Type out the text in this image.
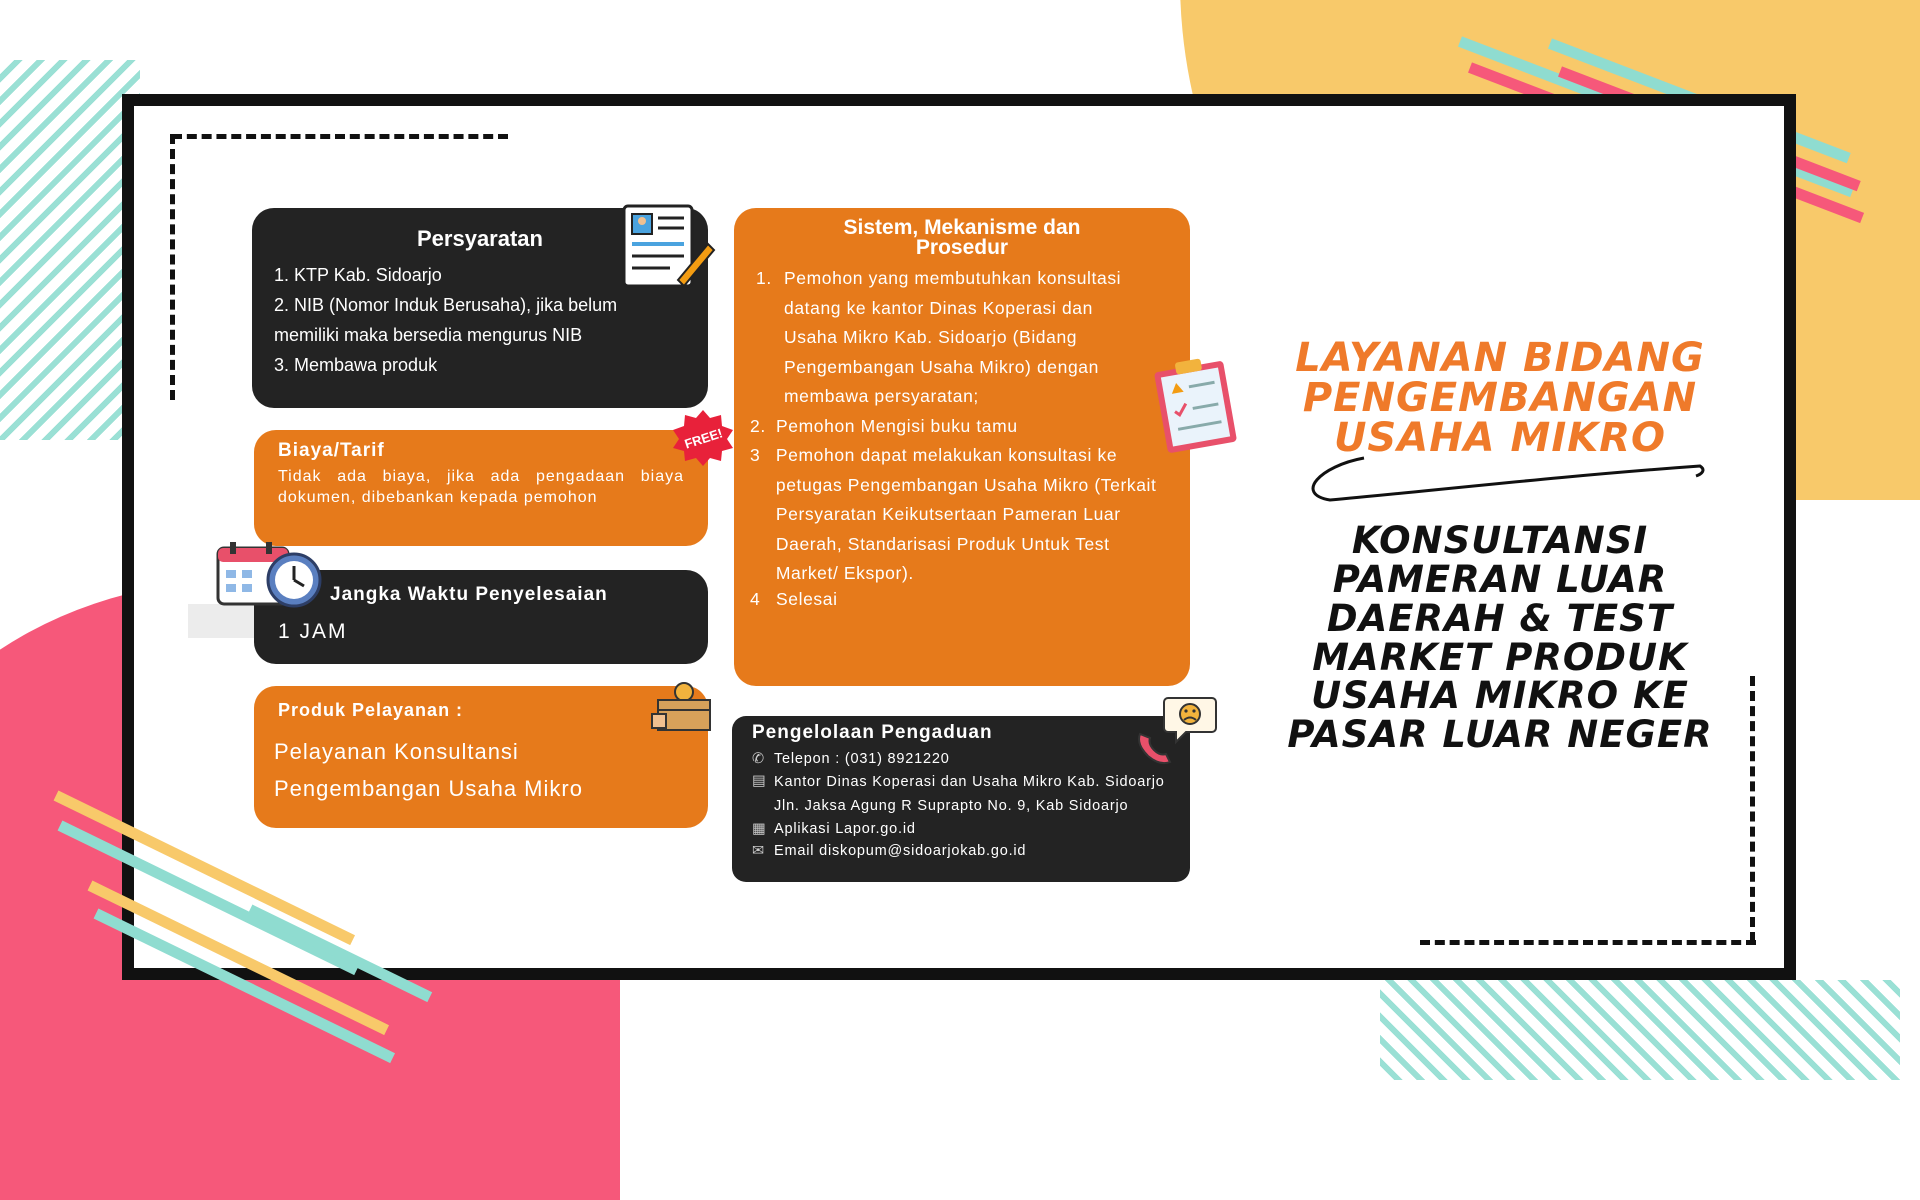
Persyaratan
1. KTP Kab. Sidoarjo
2. NIB (Nomor Induk Berusaha), jika belum memiliki maka bersedia mengurus NIB
3. Membawa produk
Biaya/Tarif
Tidak ada biaya, jika ada pengadaan biaya dokumen, dibebankan kepada pemohon
FREE!
Jangka Waktu Penyelesaian
1 JAM
Produk Pelayanan :
Pelayanan Konsultansi Pengembangan Usaha Mikro
Sistem, Mekanisme dan Prosedur
1. Pemohon yang membutuhkan konsultasi datang ke kantor Dinas Koperasi dan Usaha Mikro Kab. Sidoarjo (Bidang Pengembangan Usaha Mikro) dengan membawa persyaratan;
2. Pemohon Mengisi buku tamu
3 Pemohon dapat melakukan konsultasi ke petugas Pengembangan Usaha Mikro (Terkait Persyaratan Keikutsertaan Pameran Luar Daerah, Standarisasi Produk Untuk Test Market/ Ekspor).
4 Selesai
Pengelolaan Pengaduan
✆ Telepon : (031) 8921220
▤ Kantor Dinas Koperasi dan Usaha Mikro Kab. Sidoarjo Jln. Jaksa Agung R Suprapto No. 9, Kab Sidoarjo
▦ Aplikasi Lapor.go.id
✉ Email diskopum@sidoarjokab.go.id
LAYANAN BIDANG PENGEMBANGAN USAHA MIKRO
KONSULTANSI PAMERAN LUAR DAERAH & TEST MARKET PRODUK USAHA MIKRO KE PASAR LUAR NEGER
